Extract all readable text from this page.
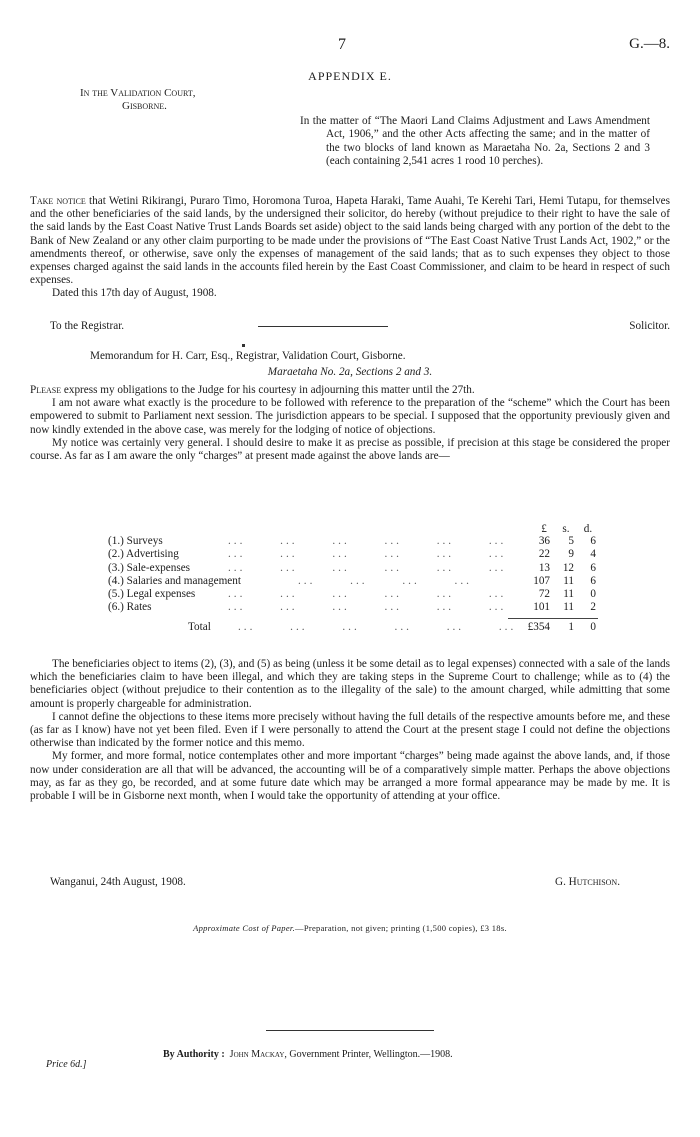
7	G.—8.
APPENDIX E.
In the Validation Court,
Gisborne.

In the matter of “The Maori Land Claims Adjustment and Laws Amendment Act, 1906,” and the other Acts affecting the same; and in the matter of the two blocks of land known as Maraetaha No. 2a, Sections 2 and 3 (each containing 2,541 acres 1 rood 10 perches).

Take notice that Wetini Rikirangi, Puraro Timo, Horomona Turoa, Hapeta Haraki, Tame Auahi, Te Kerehi Tari, Hemi Tutapu, for themselves and the other beneficiaries of the said lands, by the undersigned their solicitor, do hereby (without prejudice to their right to have the sale of the said lands by the East Coast Native Trust Lands Boards set aside) object to the said lands being charged with any portion of the debt to the Bank of New Zealand or any other claim purporting to be made under the provisions of “The East Coast Native Trust Lands Act, 1902,” or the amendments thereof, or otherwise, save only the expenses of management of the said lands; that as to such expenses they object to those expenses charged against the said lands in the accounts filed herein by the East Coast Commissioner, and claim to be heard in respect of such expenses.

Dated this 17th day of August, 1908.

To the Registrar.	Solicitor.
Memorandum for H. Carr, Esq., Registrar, Validation Court, Gisborne.
Maraetaha No. 2a, Sections 2 and 3.

Please express my obligations to the Judge for his courtesy in adjourning this matter until the 27th.

I am not aware what exactly is the procedure to be followed with reference to the preparation of the “scheme” which the Court has been empowered to submit to Parliament next session. The jurisdiction appears to be special. I supposed that the opportunity previously given and now kindly extended in the above case, was merely for the lodging of notice of objections.

My notice was certainly very general. I should desire to make it as precise as possible, if precision at this stage be considered the proper course. As far as I am aware the only “charges” at present made against the above lands are—

£	s.	d.
(1.) Surveys	...      ...      ...      ...      ...      ...	36	5	6
(2.) Advertising	...      ...      ...      ...      ...      ...	22	9	4
(3.) Sale-expenses	...      ...      ...      ...      ...      ...	13	12	6
(4.) Salaries and management	...      ...      ...      ...	107	11	6
(5.) Legal expenses	...      ...      ...      ...      ...      ...	72	11	0
(6.) Rates	...      ...      ...      ...      ...      ...	101	11	2
Total ...      ...      ...      ...      ...      ...	£354	1	0

The beneficiaries object to items (2), (3), and (5) as being (unless it be some detail as to legal expenses) connected with a sale of the lands which the beneficiaries claim to have been illegal, and which they are taking steps in the Supreme Court to challenge; while as to (4) the beneficiaries object (without prejudice to their contention as to the illegality of the sale) to the amount charged, while admitting that some amount is properly chargeable for administration.

I cannot define the objections to these items more precisely without having the full details of the respective amounts before me, and these (as far as I know) have not yet been filed. Even if I were personally to attend the Court at the present stage I could not define the objections otherwise than indicated by the former notice and this memo.

My former, and more formal, notice contemplates other and more important “charges” being made against the above lands, and, if those now under consideration are all that will be advanced, the accounting will be of a comparatively simple matter. Perhaps the above objections may, as far as they go, be recorded, and at some future date which may be arranged a more formal appearance may be made by me. It is probable I will be in Gisborne next month, when I would take the opportunity of attending at your office.

Wanganui, 24th August, 1908.	G. Hutchison.
Approximate Cost of Paper.—Preparation, not given; printing (1,500 copies), £3 18s.
By Authority : John Mackay, Government Printer, Wellington.—1908.
Price 6d.]
